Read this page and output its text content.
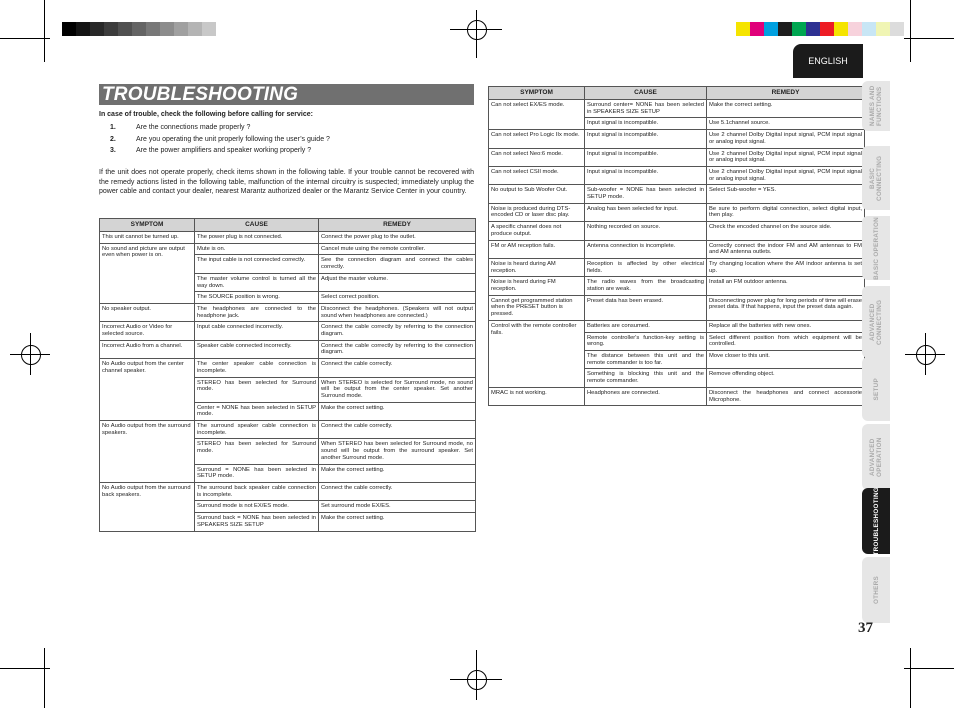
ENGLISH
TROUBLESHOOTING
In case of trouble, check the following before calling for service:
1.	Are the connections made properly ?
2.	Are you operating the unit properly following the user’s guide ?
3.	Are the power amplifiers and speaker working properly ?
If the unit does not operate properly, check items shown in the following table. If your trouble cannot be recovered with the remedy actions listed in the following table, malfunction of the internal circuitry is suspected; immediately unplug the power cable and contact your dealer, nearest Marantz authorized dealer or the Marantz Service Center in your country.
SYMPTOM	CAUSE	REMEDY
This unit cannot be turned up.	The power plug is not connected.	Connect the power plug to the outlet.
No sound and picture are output even when power is on.	Mute is on.	Cancel mute using the remote controller.
	The input cable is not connected correctly.	See the connection diagram and connect the cables correctly.
	The master volume control is turned all the way down.	Adjust the master volume.
	The SOURCE position is wrong.	Select correct position.
No speaker output.	The headphones are connected to the headphone jack.	Disconnect the headphones. (Speakers will not output sound when headphones are connected.)
Incorrect Audio or Video for selected source.	Input cable connected incorrectly.	Connect the cable correctly by referring to the connection diagram.
Incorrect Audio from a channel.	Speaker cable connected incorrectly.	Connect the cable correctly by referring to the connection diagram.
No Audio output from the center channel speaker.	The center speaker cable connection is incomplete.	Connect the cable correctly.
	STEREO has been selected for Surround mode.	When STEREO is selected for Surround mode, no sound will be output from the center speaker. Set another Surround mode.
	Center = NONE has been selected in SETUP mode.	Make the correct setting.
No Audio output from the surround speakers.	The surround speaker cable connection is incomplete.	Connect the cable correctly.
	STEREO has been selected for Surround mode.	When STEREO has been selected for Surround mode, no sound will be output from the surround speaker. Set another Surround mode.
	Surround = NONE has been selected in SETUP mode.	Make the correct setting.
No Audio output from the surround back speakers.	The surround back speaker cable connection is incomplete.	Connect the cable correctly.
	Surround mode is not EX/ES mode.	Set surround mode EX/ES.
	Surround back = NONE has been selected in SPEAKERS SIZE SETUP	Make the correct setting.
SYMPTOM	CAUSE	REMEDY
Can not select EX/ES mode.	Surround center= NONE has been selected in SPEAKERS SIZE SETUP	Make the correct setting.
	Input signal is incompatible.	Use 5.1channel source.
Can not select Pro Logic IIx mode.	Input signal is incompatible.	Use 2 channel Dolby Digital input signal, PCM input signal or analog input signal.
Can not select Neo:6 mode.	Input signal is incompatible.	Use 2 channel Dolby Digital input signal, PCM input signal or analog input signal.
Can not select CSII mode.	Input signal is incompatible.	Use 2 channel Dolby Digital input signal, PCM input signal or analog input signal.
No output to Sub Woofer Out.	Sub-woofer = NONE has been selected in SETUP mode.	Select Sub-woofer = YES.
Noise is produced during DTS-encoded CD or laser disc play.	Analog has been selected for input.	Be sure to perform digital connection, select digital input, then play.
A specific channel does not produce output.	Nothing recorded on source.	Check the encoded channel on the source side.
FM or AM reception fails.	Antenna connection is incomplete.	Correctly connect the indoor FM and AM antennas to FM and AM antenna outlets.
Noise is heard during AM reception.	Reception is affected by other electrical fields.	Try changing location where the AM indoor antenna is set up.
Noise is heard during FM reception.	The radio waves from the broadcasting station are weak.	Install an FM outdoor antenna.
Cannot get programmed station when the PRESET button is pressed.	Preset data has been erased.	Disconnecting power plug for long periods of time will erase preset data. If that happens, input the preset data again.
Control with the remote controller fails.	Batteries are consumed.	Replace all the batteries with new ones.
	Remote controller's function-key setting is wrong.	Select different position from which equipment will be controlled.
	The distance between this unit and the remote commander is too far.	Move closer to this unit.
	Something is blocking this unit and the remote commander.	Remove offending object.
MRAC is not working.	Headphones are connected.	Disconnect the headphones and connect accessorie Microphone.
NAMES AND FUNCTIONS
BASIC CONNECTING
BASIC OPERATION
ADVANCED CONNECTING
SETUP
ADVANCED OPERATION
TROUBLESHOOTING
OTHERS
37
